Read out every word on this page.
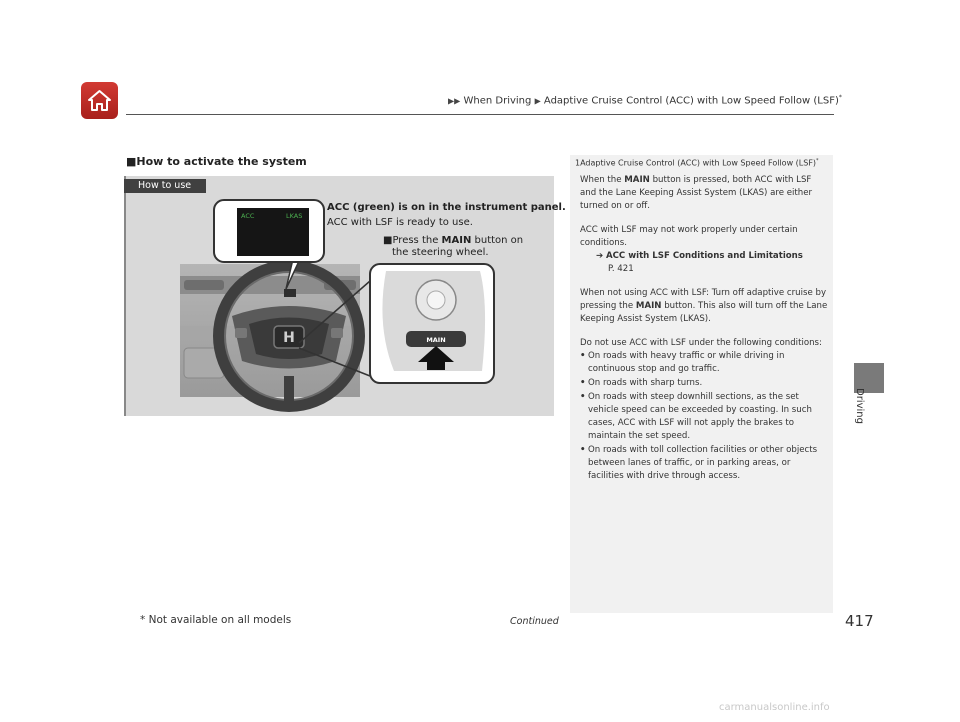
▶▶ When Driving ▶ Adaptive Cruise Control (ACC) with Low Speed Follow (LSF)*
Driving
■How to activate the system
H
ACC	LKAS
MAIN
How to use
ACC (green) is on in the instrument panel.
ACC with LSF is ready to use.
■Press the MAIN button on
the steering wheel.
1Adaptive Cruise Control (ACC) with Low Speed Follow (LSF)*

When the MAIN button is pressed, both ACC with LSF and the Lane Keeping Assist System (LKAS) are either turned on or off.

ACC with LSF may not work properly under certain conditions.

➔ ACC with LSF Conditions and Limitations
P. 421

When not using ACC with LSF: Turn off adaptive cruise by pressing the MAIN button. This also will turn off the Lane Keeping Assist System (LKAS).

Do not use ACC with LSF under the following conditions:

• On roads with heavy traffic or while driving in continuous stop and go traffic.
• On roads with sharp turns.
• On roads with steep downhill sections, as the set vehicle speed can be exceeded by coasting. In such cases, ACC with LSF will not apply the brakes to maintain the set speed.
• On roads with toll collection facilities or other objects between lanes of traffic, or in parking areas, or facilities with drive through access.
* Not available on all models	Continued	417
carmanualsonline.info
